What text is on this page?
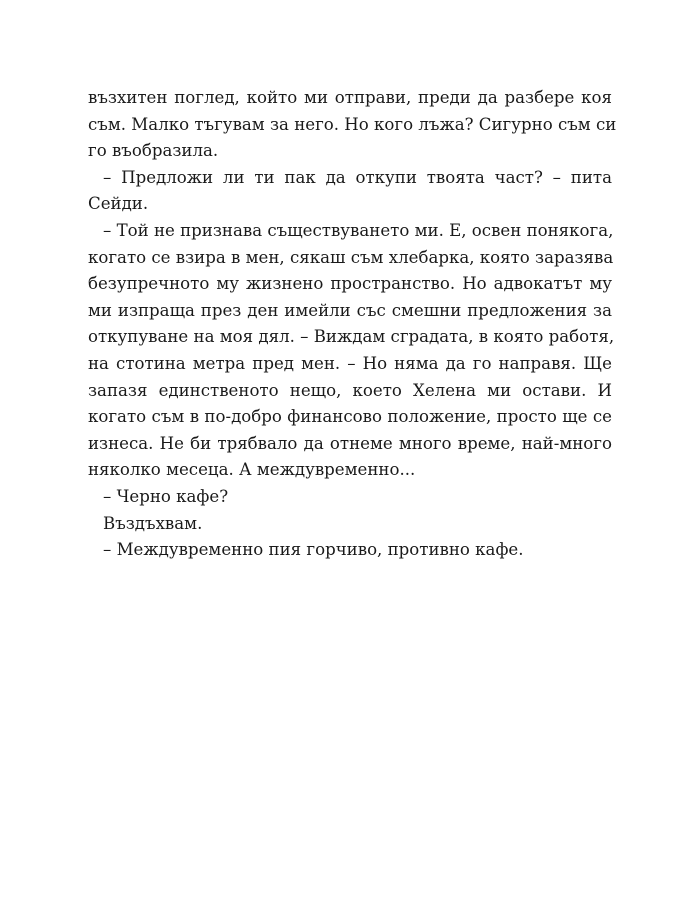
възхитен поглед, който ми отправи, преди да разбере коя
съм. Малко тъгувам за него. Но кого лъжа? Сигурно съм си
го въобразила.
– Предложи ли ти пак да откупи твоята част? – пита
Сейди.
– Той не признава съществуването ми. Е, освен понякога,
когато се взира в мен, сякаш съм хлебарка, която заразява
безупречното му жизнено пространство. Но адвокатът му
ми изпраща през ден имейли със смешни предложения за
откупуване на моя дял. – Виждам сградата, в която работя,
на стотина метра пред мен. – Но няма да го направя. Ще
запазя единственото нещо, което Хелена ми остави. И
когато съм в по-добро финансово положение, просто ще се
изнеса. Не би трябвало да отнеме много време, най-много
няколко месеца. А междувременно...
– Черно кафе?
Въздъхвам.
– Междувременно пия горчиво, противно кафе.
